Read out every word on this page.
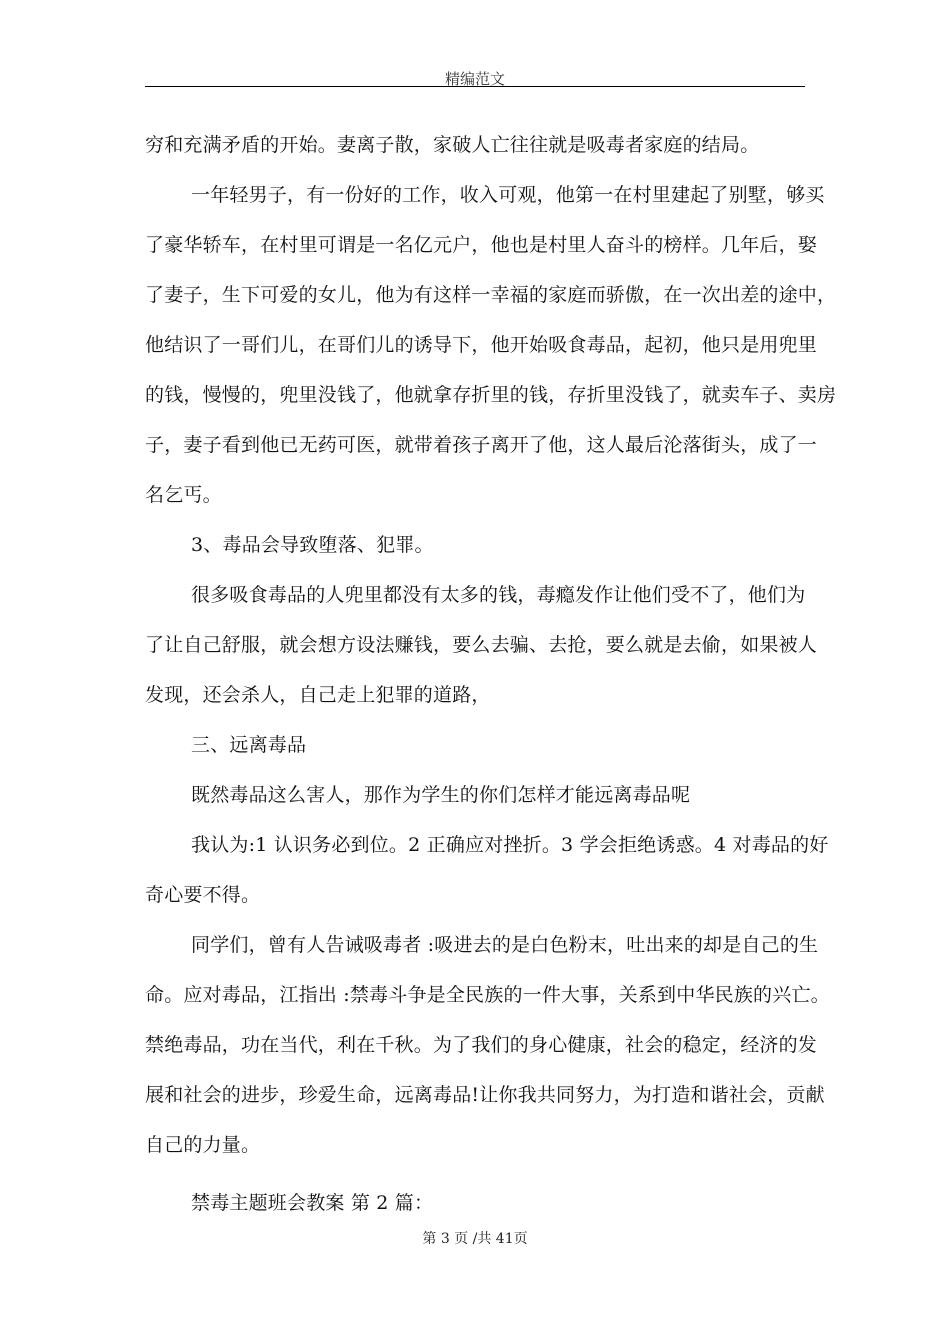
精编范文
穷和充满矛盾的开始。妻离子散，家破人亡往往就是吸毒者家庭的结局。
一年轻男子，有一份好的工作，收入可观，他第一在村里建起了别墅，够买
了豪华轿车，在村里可谓是一名亿元户，他也是村里人奋斗的榜样。几年后，娶
了妻子，生下可爱的女儿，他为有这样一幸福的家庭而骄傲，在一次出差的途中，
他结识了一哥们儿，在哥们儿的诱导下，他开始吸食毒品，起初，他只是用兜里
的钱，慢慢的，兜里没钱了，他就拿存折里的钱，存折里没钱了，就卖车子、卖房
子，妻子看到他已无药可医，就带着孩子离开了他，这人最后沦落街头，成了一
名乞丐。
3、毒品会导致堕落、犯罪。
很多吸食毒品的人兜里都没有太多的钱，毒瘾发作让他们受不了，他们为
了让自己舒服，就会想方设法赚钱，要么去骗、去抢，要么就是去偷，如果被人
发现，还会杀人，自己走上犯罪的道路，
三、远离毒品
既然毒品这么害人，那作为学生的你们怎样才能远离毒品呢
我认为:1 认识务必到位。2 正确应对挫折。3 学会拒绝诱惑。4 对毒品的好
奇心要不得。
同学们，曾有人告诫吸毒者 :吸进去的是白色粉末，吐出来的却是自己的生
命。应对毒品，江指出 :禁毒斗争是全民族的一件大事，关系到中华民族的兴亡。
禁绝毒品，功在当代，利在千秋。为了我们的身心健康，社会的稳定，经济的发
展和社会的进步，珍爱生命，远离毒品!让你我共同努力，为打造和谐社会，贡献
自己的力量。
禁毒主题班会教案 第 2 篇：
第 3 页 /共 41页
